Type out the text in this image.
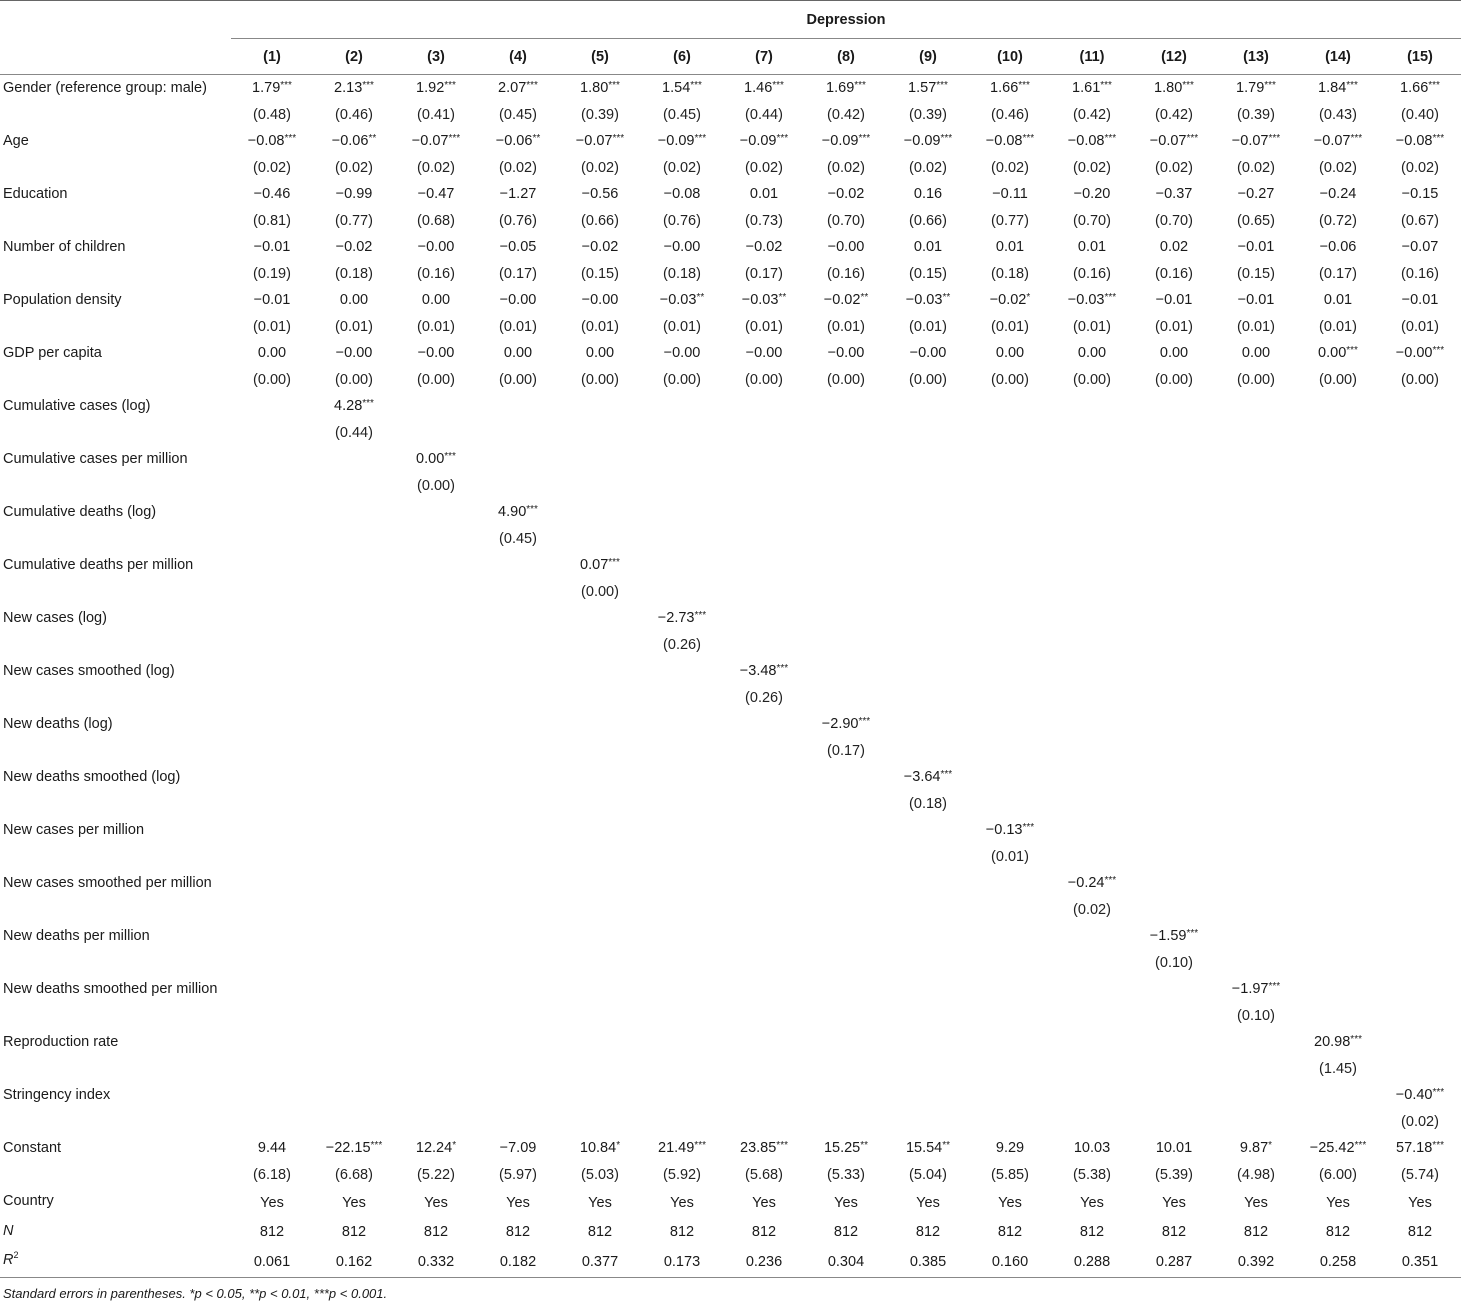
	Depression														
	(1)	(2)	(3)	(4)	(5)	(6)	(7)	(8)	(9)	(10)	(11)	(12)	(13)	(14)	(15)
Gender (reference group: male)	1.79***	2.13***	1.92***	2.07***	1.80***	1.54***	1.46***	1.69***	1.57***	1.66***	1.61***	1.80***	1.79***	1.84***	1.66***
	(0.48)	(0.46)	(0.41)	(0.45)	(0.39)	(0.45)	(0.44)	(0.42)	(0.39)	(0.46)	(0.42)	(0.42)	(0.39)	(0.43)	(0.40)
Age	−0.08***	−0.06**	−0.07***	−0.06**	−0.07***	−0.09***	−0.09***	−0.09***	−0.09***	−0.08***	−0.08***	−0.07***	−0.07***	−0.07***	−0.08***
	(0.02)	(0.02)	(0.02)	(0.02)	(0.02)	(0.02)	(0.02)	(0.02)	(0.02)	(0.02)	(0.02)	(0.02)	(0.02)	(0.02)	(0.02)
Education	−0.46	−0.99	−0.47	−1.27	−0.56	−0.08	0.01	−0.02	0.16	−0.11	−0.20	−0.37	−0.27	−0.24	−0.15
	(0.81)	(0.77)	(0.68)	(0.76)	(0.66)	(0.76)	(0.73)	(0.70)	(0.66)	(0.77)	(0.70)	(0.70)	(0.65)	(0.72)	(0.67)
Number of children	−0.01	−0.02	−0.00	−0.05	−0.02	−0.00	−0.02	−0.00	0.01	0.01	0.01	0.02	−0.01	−0.06	−0.07
	(0.19)	(0.18)	(0.16)	(0.17)	(0.15)	(0.18)	(0.17)	(0.16)	(0.15)	(0.18)	(0.16)	(0.16)	(0.15)	(0.17)	(0.16)
Population density	−0.01	0.00	0.00	−0.00	−0.00	−0.03**	−0.03**	−0.02**	−0.03**	−0.02*	−0.03***	−0.01	−0.01	0.01	−0.01
	(0.01)	(0.01)	(0.01)	(0.01)	(0.01)	(0.01)	(0.01)	(0.01)	(0.01)	(0.01)	(0.01)	(0.01)	(0.01)	(0.01)	(0.01)
GDP per capita	0.00	−0.00	−0.00	0.00	0.00	−0.00	−0.00	−0.00	−0.00	0.00	0.00	0.00	0.00	0.00***	−0.00***
	(0.00)	(0.00)	(0.00)	(0.00)	(0.00)	(0.00)	(0.00)	(0.00)	(0.00)	(0.00)	(0.00)	(0.00)	(0.00)	(0.00)	(0.00)
Cumulative cases (log)		4.28***													
		(0.44)													
Cumulative cases per million			0.00***												
			(0.00)												
Cumulative deaths (log)				4.90***											
				(0.45)											
Cumulative deaths per million					0.07***										
					(0.00)										
New cases (log)						−2.73***									
						(0.26)									
New cases smoothed (log)							−3.48***								
							(0.26)								
New deaths (log)								−2.90***							
								(0.17)							
New deaths smoothed (log)									−3.64***						
									(0.18)						
New cases per million										−0.13***					
										(0.01)					
New cases smoothed per million											−0.24***				
											(0.02)				
New deaths per million												−1.59***			
												(0.10)			
New deaths smoothed per million													−1.97***		
													(0.10)		
Reproduction rate														20.98***	
														(1.45)	
Stringency index															−0.40***
															(0.02)
Constant	9.44	−22.15***	12.24*	−7.09	10.84*	21.49***	23.85***	15.25**	15.54**	9.29	10.03	10.01	9.87*	−25.42***	57.18***
	(6.18)	(6.68)	(5.22)	(5.97)	(5.03)	(5.92)	(5.68)	(5.33)	(5.04)	(5.85)	(5.38)	(5.39)	(4.98)	(6.00)	(5.74)
Country	Yes	Yes	Yes	Yes	Yes	Yes	Yes	Yes	Yes	Yes	Yes	Yes	Yes	Yes	Yes
N	812	812	812	812	812	812	812	812	812	812	812	812	812	812	812
$R^2$	0.061	0.162	0.332	0.182	0.377	0.173	0.236	0.304	0.385	0.160	0.288	0.287	0.392	0.258	0.351
Standard errors in parentheses. *p < 0.05, **p < 0.01, ***p < 0.001.
